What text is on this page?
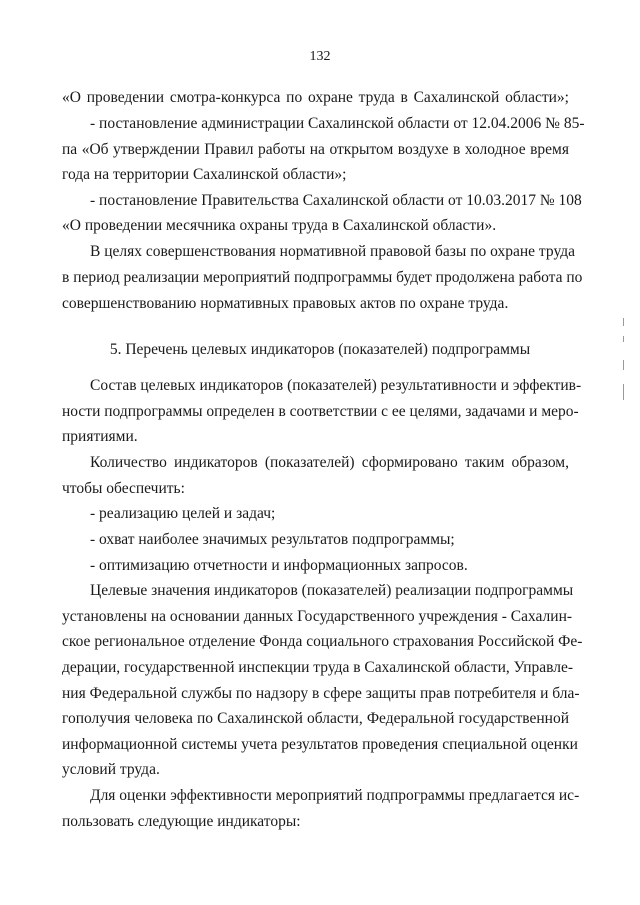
132
«О проведении смотра-конкурса по охране труда в Сахалинской области»;
- постановление администрации Сахалинской области от 12.04.2006 № 85-
па «Об утверждении Правил работы на открытом воздухе в холодное время
года на территории Сахалинской области»;
- постановление Правительства Сахалинской области от 10.03.2017 № 108
«О проведении месячника охраны труда в Сахалинской области».
В целях совершенствования нормативной правовой базы по охране труда
в период реализации мероприятий подпрограммы будет продолжена работа по
совершенствованию нормативных правовых актов по охране труда.
5. Перечень целевых индикаторов (показателей) подпрограммы
Состав целевых индикаторов (показателей) результативности и эффектив-
ности подпрограммы определен в соответствии с ее целями, задачами и меро-
приятиями.
Количество индикаторов (показателей) сформировано таким образом,
чтобы обеспечить:
- реализацию целей и задач;
- охват наиболее значимых результатов подпрограммы;
- оптимизацию отчетности и информационных запросов.
Целевые значения индикаторов (показателей) реализации подпрограммы
установлены на основании данных Государственного учреждения - Сахалин-
ское региональное отделение Фонда социального страхования Российской Фе-
дерации, государственной инспекции труда в Сахалинской области, Управле-
ния Федеральной службы по надзору в сфере защиты прав потребителя и бла-
гополучия человека по Сахалинской области, Федеральной государственной
информационной системы учета результатов проведения специальной оценки
условий труда.
Для оценки эффективности мероприятий подпрограммы предлагается ис-
пользовать следующие индикаторы:
